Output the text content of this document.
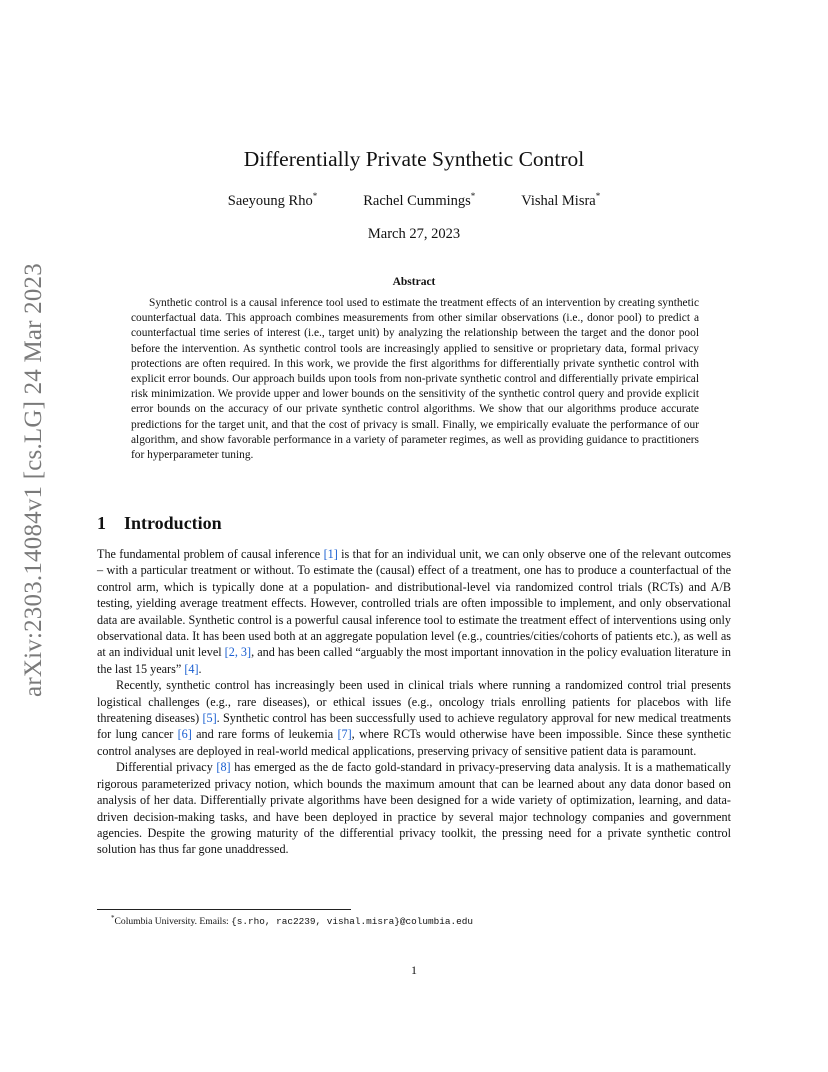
arXiv:2303.14084v1 [cs.LG] 24 Mar 2023
Differentially Private Synthetic Control
Saeyoung Rho*	Rachel Cummings*	Vishal Misra*
March 27, 2023
Abstract
Synthetic control is a causal inference tool used to estimate the treatment effects of an intervention by creating synthetic counterfactual data. This approach combines measurements from other similar observations (i.e., donor pool) to predict a counterfactual time series of interest (i.e., target unit) by analyzing the relationship between the target and the donor pool before the intervention. As synthetic control tools are increasingly applied to sensitive or proprietary data, formal privacy protections are often required. In this work, we provide the first algorithms for differentially private synthetic control with explicit error bounds. Our approach builds upon tools from non-private synthetic control and differentially private empirical risk minimization. We provide upper and lower bounds on the sensitivity of the synthetic control query and provide explicit error bounds on the accuracy of our private synthetic control algorithms. We show that our algorithms produce accurate predictions for the target unit, and that the cost of privacy is small. Finally, we empirically evaluate the performance of our algorithm, and show favorable performance in a variety of parameter regimes, as well as providing guidance to practitioners for hyperparameter tuning.
1 Introduction

The fundamental problem of causal inference [1] is that for an individual unit, we can only observe one of the relevant outcomes – with a particular treatment or without. To estimate the (causal) effect of a treatment, one has to produce a counterfactual of the control arm, which is typically done at a population- and distributional-level via randomized control trials (RCTs) and A/B testing, yielding average treatment effects. However, controlled trials are often impossible to implement, and only observational data are available. Synthetic control is a powerful causal inference tool to estimate the treatment effect of interventions using only observational data. It has been used both at an aggregate population level (e.g., countries/cities/cohorts of patients etc.), as well as at an individual unit level [2, 3], and has been called “arguably the most important innovation in the policy evaluation literature in the last 15 years” [4].

Recently, synthetic control has increasingly been used in clinical trials where running a randomized control trial presents logistical challenges (e.g., rare diseases), or ethical issues (e.g., oncology trials enrolling patients for placebos with life threatening diseases) [5]. Synthetic control has been successfully used to achieve regulatory approval for new medical treatments for lung cancer [6] and rare forms of leukemia [7], where RCTs would otherwise have been impossible. Since these synthetic control analyses are deployed in real-world medical applications, preserving privacy of sensitive patient data is paramount.

Differential privacy [8] has emerged as the de facto gold-standard in privacy-preserving data analysis. It is a mathematically rigorous parameterized privacy notion, which bounds the maximum amount that can be learned about any data donor based on analysis of her data. Differentially private algorithms have been designed for a wide variety of optimization, learning, and data-driven decision-making tasks, and have been deployed in practice by several major technology companies and government agencies. Despite the growing maturity of the differential privacy toolkit, the pressing need for a private synthetic control solution has thus far gone unaddressed.

*Columbia University. Emails: {s.rho, rac2239, vishal.misra}@columbia.edu
1
